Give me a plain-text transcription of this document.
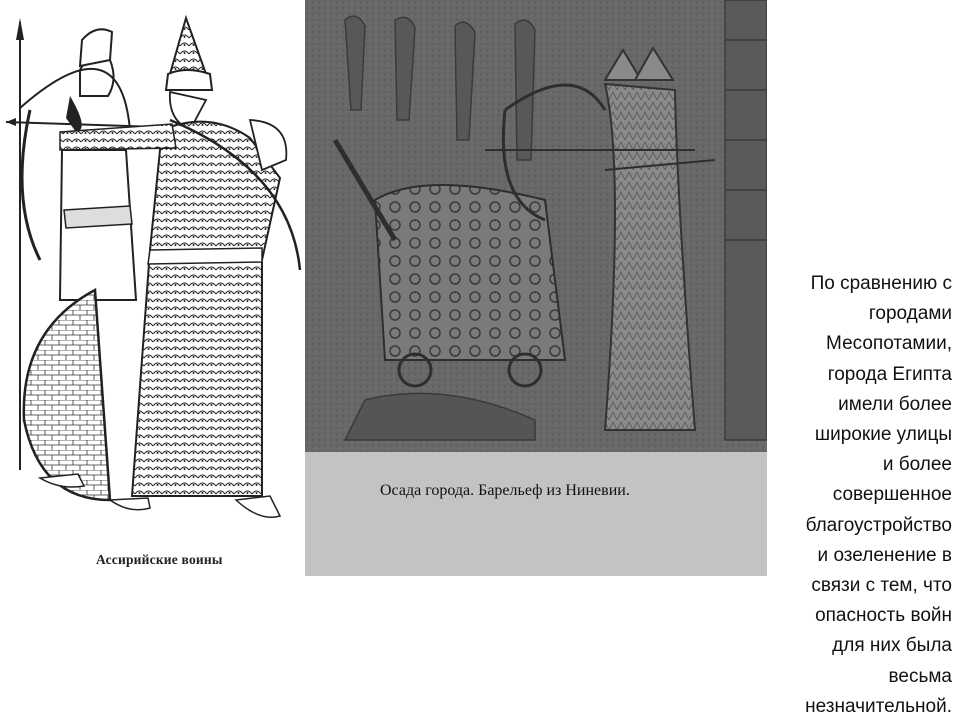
Ассирийские воины
Осада города. Барельеф из Ниневии.
По сравнению с
городами
Месопотамии,
города Египта
имели более
широкие улицы
и более
совершенное
благоустройство
и озеленение в
связи с тем, что
опасность войн
для них была
весьма
незначительной.
